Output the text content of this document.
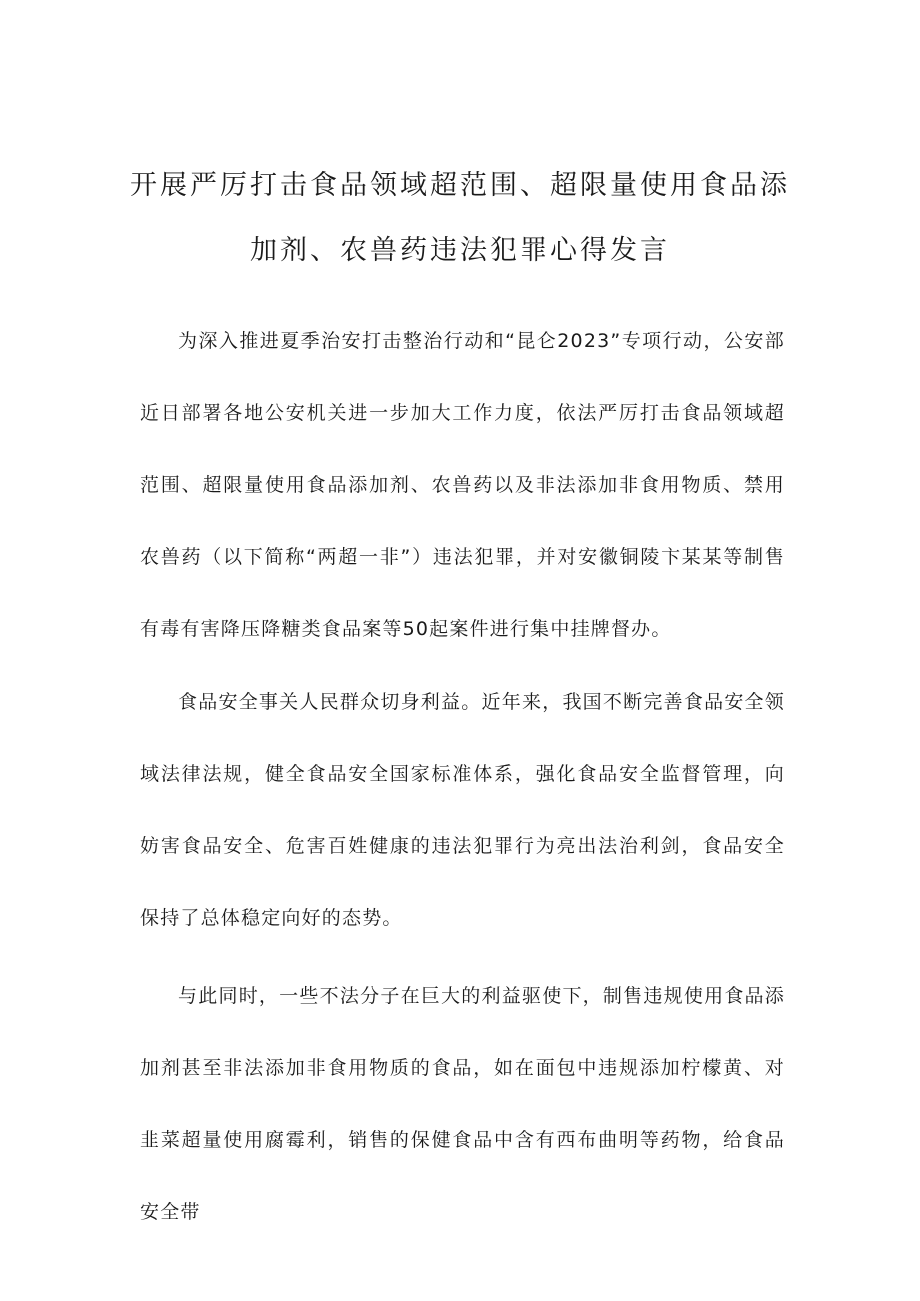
开展严厉打击食品领域超范围、超限量使用食品添
加剂、农兽药违法犯罪心得发言
为深入推进夏季治安打击整治行动和“昆仑2023”专项行动，公安部近日部署各地公安机关进一步加大工作力度，依法严厉打击食品领域超范围、超限量使用食品添加剂、农兽药以及非法添加非食用物质、禁用农兽药（以下简称“两超一非”）违法犯罪，并对安徽铜陵卞某某等制售有毒有害降压降糖类食品案等50起案件进行集中挂牌督办。
食品安全事关人民群众切身利益。近年来，我国不断完善食品安全领域法律法规，健全食品安全国家标准体系，强化食品安全监督管理，向妨害食品安全、危害百姓健康的违法犯罪行为亮出法治利剑，食品安全保持了总体稳定向好的态势。
与此同时，一些不法分子在巨大的利益驱使下，制售违规使用食品添加剂甚至非法添加非食用物质的食品，如在面包中违规添加柠檬黄、对韭菜超量使用腐霉利，销售的保健食品中含有西布曲明等药物，给食品安全带
